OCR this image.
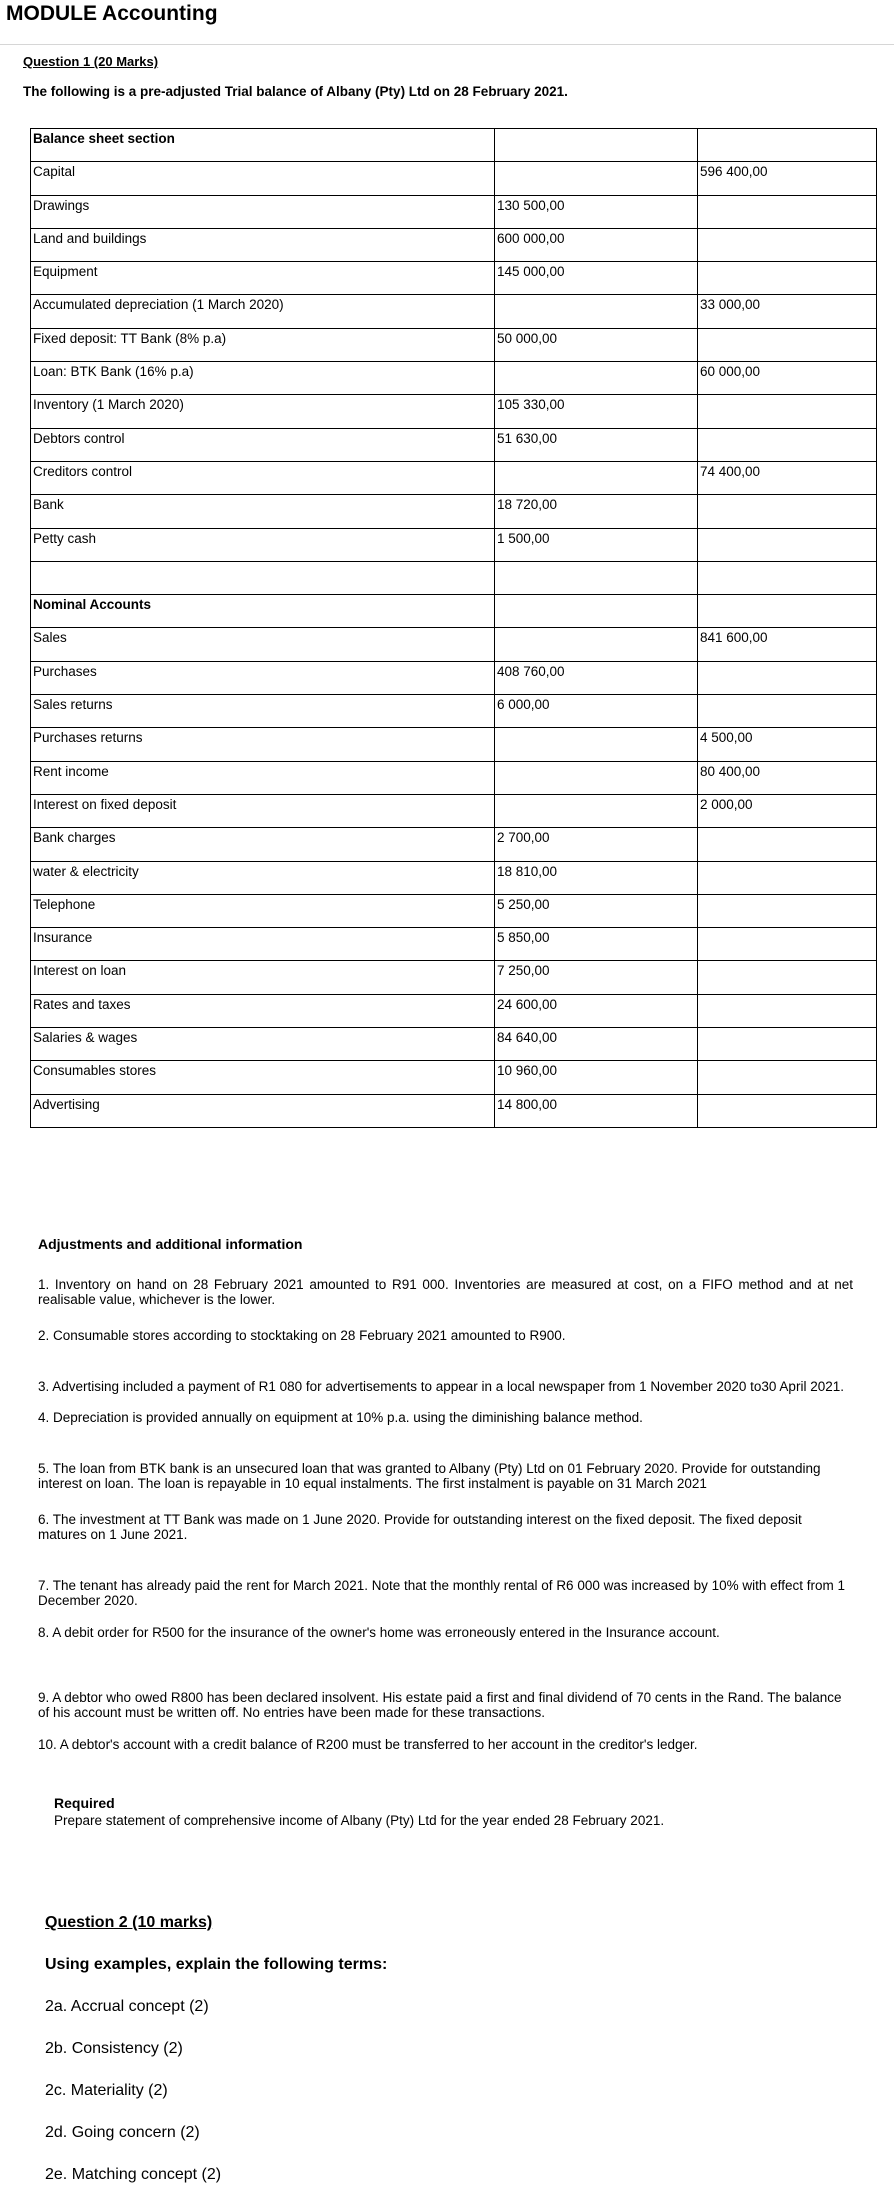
MODULE Accounting
Question 1 (20 Marks)
The following is a pre-adjusted Trial balance of Albany (Pty) Ltd on 28 February 2021.
Balance sheet section		
Capital		596 400,00
Drawings	130 500,00	
Land and buildings	600 000,00	
Equipment	145 000,00	
Accumulated depreciation (1 March 2020)		33 000,00
Fixed deposit: TT Bank (8% p.a)	50 000,00	
Loan: BTK Bank (16% p.a)		60 000,00
Inventory (1 March 2020)	105 330,00	
Debtors control	51 630,00	
Creditors control		74 400,00
Bank	18 720,00	
Petty cash	1 500,00	

Nominal Accounts		
Sales		841 600,00
Purchases	408 760,00	
Sales returns	6 000,00	
Purchases returns		4 500,00
Rent income		80 400,00
Interest on fixed deposit		2 000,00
Bank charges	2 700,00	
water & electricity	18 810,00	
Telephone	5 250,00	
Insurance	5 850,00	
Interest on loan	7 250,00	
Rates and taxes	24 600,00	
Salaries & wages	84 640,00	
Consumables stores	10 960,00	
Advertising	14 800,00	
Adjustments and additional information
1. Inventory on hand on 28 February 2021 amounted to R91 000. Inventories are measured at cost, on a FIFO method and at net realisable value, whichever is the lower.
2. Consumable stores according to stocktaking on 28 February 2021 amounted to R900.
3. Advertising included a payment of R1 080 for advertisements to appear in a local newspaper from 1 November 2020 to30 April 2021.
4. Depreciation is provided annually on equipment at 10% p.a. using the diminishing balance method.
5. The loan from BTK bank is an unsecured loan that was granted to Albany (Pty) Ltd on 01 February 2020. Provide for outstanding interest on loan. The loan is repayable in 10 equal instalments. The first instalment is payable on 31 March 2021
6. The investment at TT Bank was made on 1 June 2020. Provide for outstanding interest on the fixed deposit. The fixed deposit matures on 1 June 2021.
7. The tenant has already paid the rent for March 2021. Note that the monthly rental of R6 000 was increased by 10% with effect from 1 December 2020.
8. A debit order for R500 for the insurance of the owner's home was erroneously entered in the Insurance account.
9. A debtor who owed R800 has been declared insolvent. His estate paid a first and final dividend of 70 cents in the Rand. The balance of his account must be written off. No entries have been made for these transactions.
10. A debtor's account with a credit balance of R200 must be transferred to her account in the creditor's ledger.
Required
Prepare statement of comprehensive income of Albany (Pty) Ltd for the year ended 28 February 2021.
Question 2 (10 marks)
Using examples, explain the following terms:
2a. Accrual concept (2)
2b. Consistency (2)
2c. Materiality (2)
2d. Going concern (2)
2e. Matching concept (2)
